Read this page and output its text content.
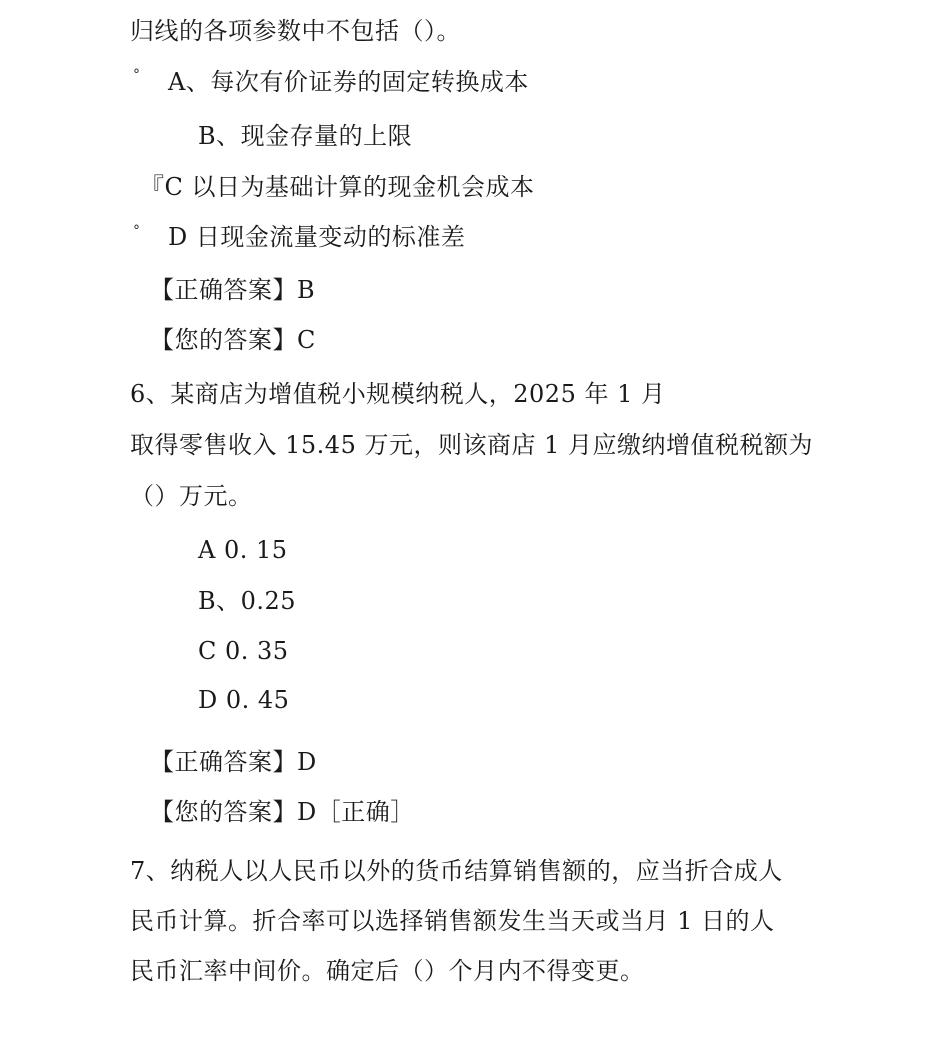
归线的各项参数中不包括（）。
° A、每次有价证券的固定转换成本
B、现金存量的上限
『C 以日为基础计算的现金机会成本
° D 日现金流量变动的标准差
【正确答案】B
【您的答案】C
6、某商店为增值税小规模纳税人，2025 年 1 月
取得零售收入 15.45 万元，则该商店 1 月应缴纳增值税税额为
（）万元。
A 0. 15
B、0.25
C 0. 35
D 0. 45
【正确答案】D
【您的答案】D［正确］
7、纳税人以人民币以外的货币结算销售额的，应当折合成人
民币计算。折合率可以选择销售额发生当天或当月 1 日的人
民币汇率中间价。确定后（）个月内不得变更。
